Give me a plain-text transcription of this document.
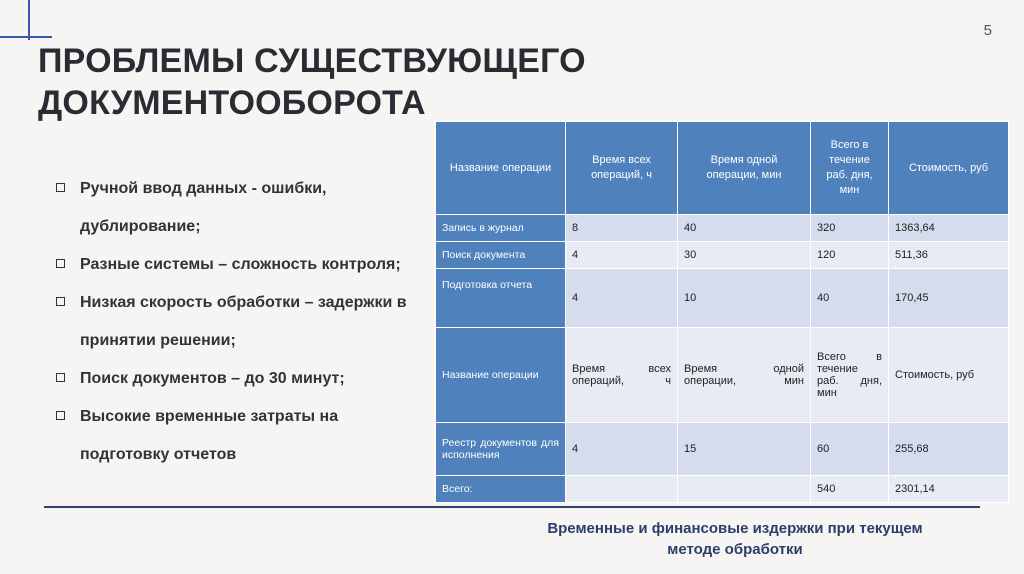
5
ПРОБЛЕМЫ СУЩЕСТВУЮЩЕГО
ДОКУМЕНТООБОРОТА
Ручной ввод данных - ошибки,
дублирование;
Разные системы – сложность контроля;
Низкая скорость обработки – задержки в
принятии решении;
Поиск документов – до 30 минут;
Высокие временные затраты на
подготовку отчетов
Название операции	Время всех операций, ч	Время одной операции, мин	Всего в течение раб. дня, мин	Стоимость, руб
Запись в журнал	8	40	320	1363,64
Поиск документа	4	30	120	511,36
Подготовка отчета	4	10	40	170,45
Название операции	Время всех операций, ч	Время одной операции, мин	Всего в течение раб. дня, мин	Стоимость, руб
Реестр документов для исполнения	4	15	60	255,68
Всего:			540	2301,14
Временные и финансовые издержки при текущем
методе обработки
